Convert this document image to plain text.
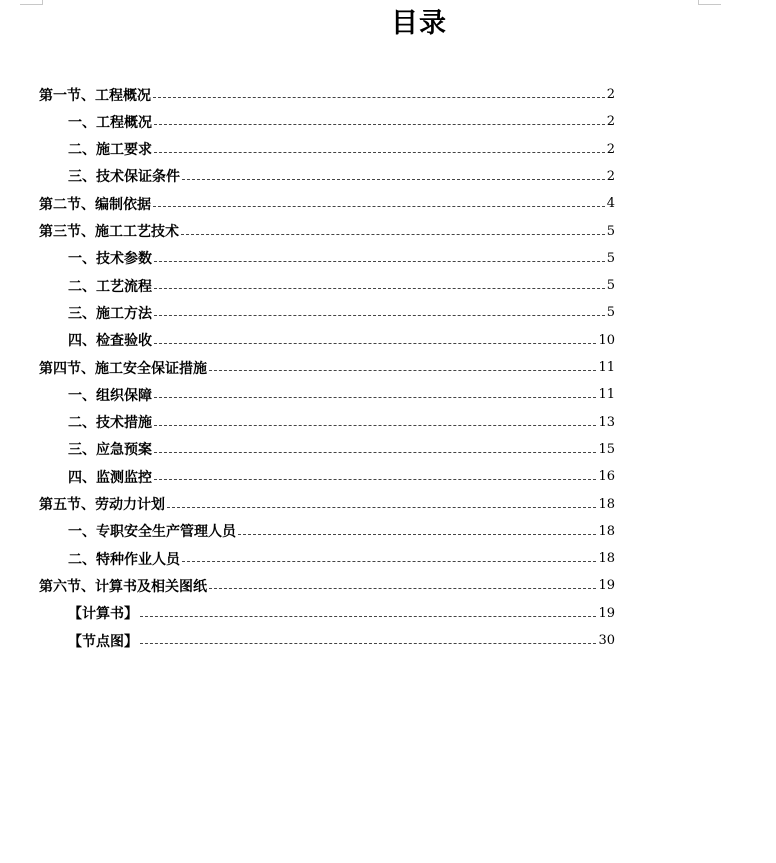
目录
第一节、工程概况	2
一、工程概况	2
二、施工要求	2
三、技术保证条件	2
第二节、编制依据	4
第三节、施工工艺技术	5
一、技术参数	5
二、工艺流程	5
三、施工方法	5
四、检查验收	10
第四节、施工安全保证措施	11
一、组织保障	11
二、技术措施	13
三、应急预案	15
四、监测监控	16
第五节、劳动力计划	18
一、专职安全生产管理人员	18
二、特种作业人员	18
第六节、计算书及相关图纸	19
【计算书】	19
【节点图】	30
